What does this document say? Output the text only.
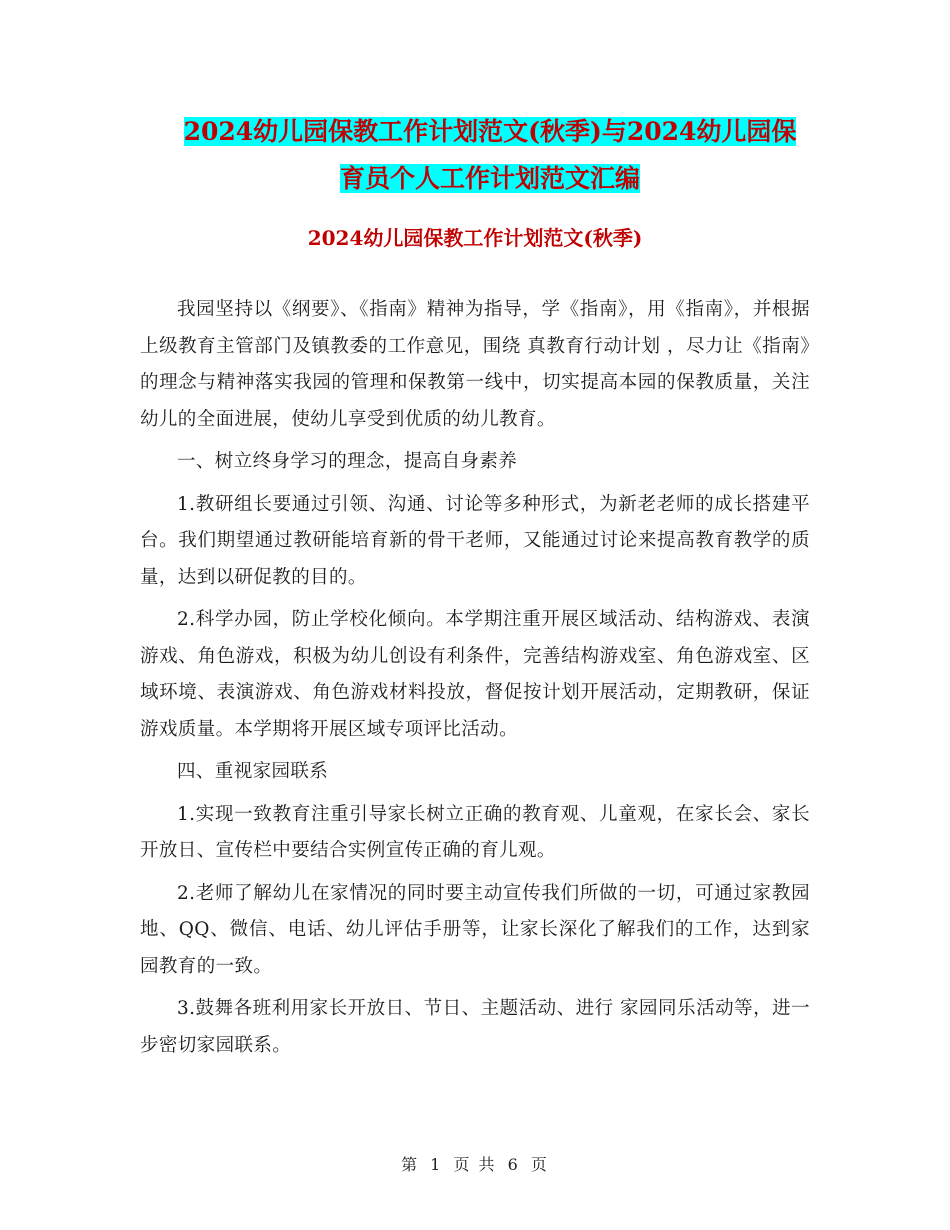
2024幼儿园保教工作计划范文(秋季)与2024幼儿园保
育员个人工作计划范文汇编
2024幼儿园保教工作计划范文(秋季)

我园坚持以《纲要》、《指南》精神为指导，学《指南》，用《指南》，并根据上级教育主管部门及镇教委的工作意见，围绕 真教育行动计划 ，尽力让《指南》的理念与精神落实我园的管理和保教第一线中，切实提高本园的保教质量，关注幼儿的全面进展，使幼儿享受到优质的幼儿教育。

一、树立终身学习的理念，提高自身素养

1.教研组长要通过引领、沟通、讨论等多种形式，为新老老师的成长搭建平台。我们期望通过教研能培育新的骨干老师，又能通过讨论来提高教育教学的质量，达到以研促教的目的。

2.科学办园，防止学校化倾向。本学期注重开展区域活动、结构游戏、表演游戏、角色游戏，积极为幼儿创设有利条件，完善结构游戏室、角色游戏室、区域环境、表演游戏、角色游戏材料投放，督促按计划开展活动，定期教研，保证游戏质量。本学期将开展区域专项评比活动。

四、重视家园联系

1.实现一致教育注重引导家长树立正确的教育观、儿童观，在家长会、家长开放日、宣传栏中要结合实例宣传正确的育儿观。

2.老师了解幼儿在家情况的同时要主动宣传我们所做的一切，可通过家教园地、QQ、微信、电话、幼儿评估手册等，让家长深化了解我们的工作，达到家园教育的一致。

3.鼓舞各班利用家长开放日、节日、主题活动、进行 家园同乐活动等，进一步密切家园联系。

第 1 页 共 6 页
